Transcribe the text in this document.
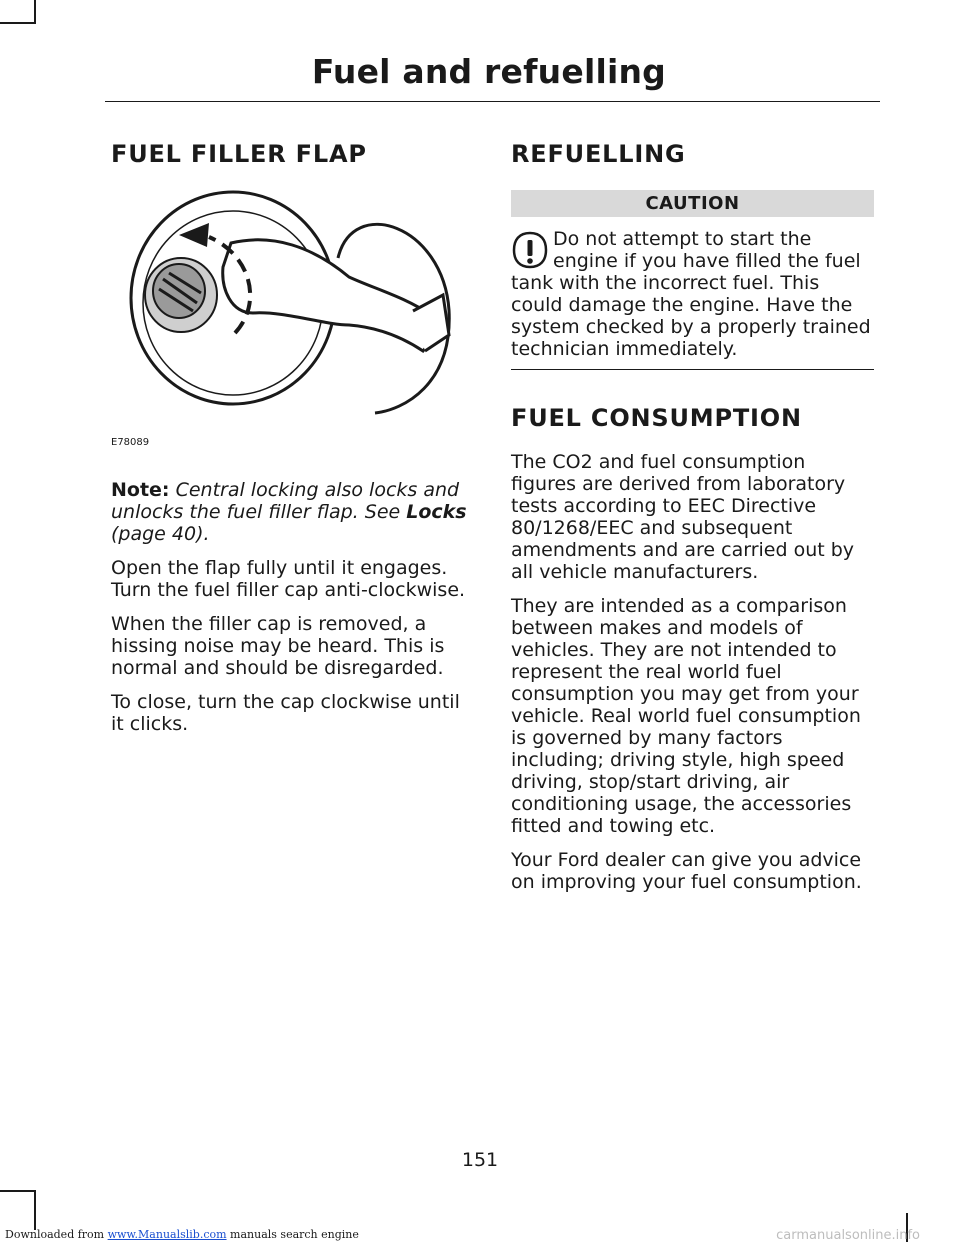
Fuel and refuelling
FUEL FILLER FLAP
E78089

Note: Central locking also locks and unlocks the fuel filler flap. See Locks (page 40).

Open the flap fully until it engages. Turn the fuel filler cap anti-clockwise.

When the filler cap is removed, a hissing noise may be heard. This is normal and should be disregarded.

To close, turn the cap clockwise until it clicks.

REFUELLING
CAUTION
Do not attempt to start the engine if you have filled the fuel tank with the incorrect fuel. This could damage the engine. Have the system checked by a properly trained technician immediately.
FUEL CONSUMPTION

The CO2 and fuel consumption figures are derived from laboratory tests according to EEC Directive 80/1268/EEC and subsequent amendments and are carried out by all vehicle manufacturers.

They are intended as a comparison between makes and models of vehicles. They are not intended to represent the real world fuel consumption you may get from your vehicle. Real world fuel consumption is governed by many factors including; driving style, high speed driving, stop/start driving, air conditioning usage, the accessories fitted and towing etc.

Your Ford dealer can give you advice on improving your fuel consumption.

151
Downloaded from www.Manualslib.com manuals search engine	carmanualsonline.info
